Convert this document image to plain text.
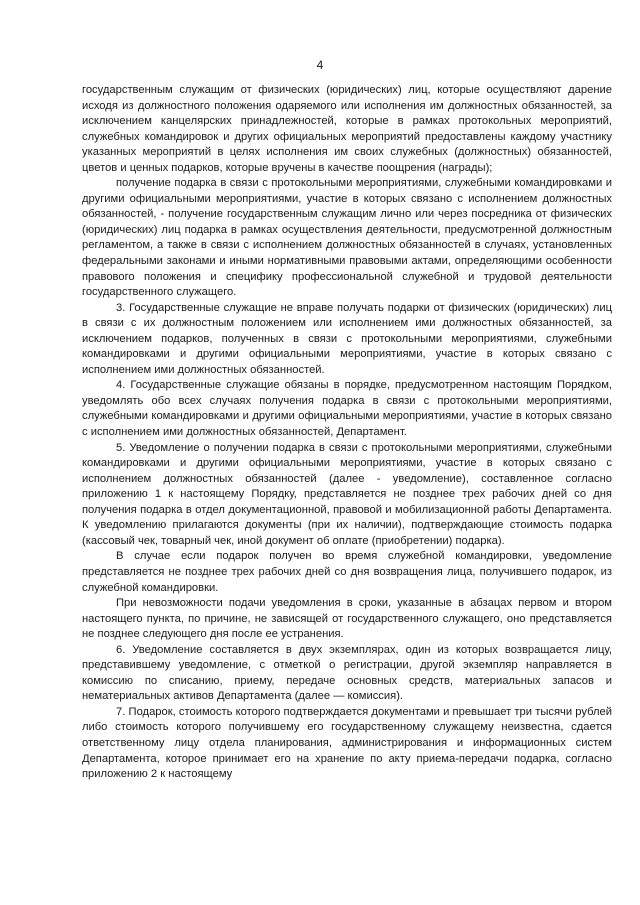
4

государственным служащим от физических (юридических) лиц, которые осуществляют дарение исходя из должностного положения одаряемого или исполнения им должностных обязанностей, за исключением канцелярских принадлежностей, которые в рамках протокольных мероприятий, служебных командировок и других официальных мероприятий предоставлены каждому участнику указанных мероприятий в целях исполнения им своих служебных (должностных) обязанностей, цветов и ценных подарков, которые вручены в качестве поощрения (награды);

получение подарка в связи с протокольными мероприятиями, служебными командировками и другими официальными мероприятиями, участие в которых связано с исполнением должностных обязанностей, - получение государственным служащим лично или через посредника от физических (юридических) лиц подарка в рамках осуществления деятельности, предусмотренной должностным регламентом, а также в связи с исполнением должностных обязанностей в случаях, установленных федеральными законами и иными нормативными правовыми актами, определяющими особенности правового положения и специфику профессиональной служебной и трудовой деятельности государственного служащего.

3. Государственные служащие не вправе получать подарки от физических (юридических) лиц в связи с их должностным положением или исполнением ими должностных обязанностей, за исключением подарков, полученных в связи с протокольными мероприятиями, служебными командировками и другими официальными мероприятиями, участие в которых связано с исполнением ими должностных обязанностей.

4. Государственные служащие обязаны в порядке, предусмотренном настоящим Порядком, уведомлять обо всех случаях получения подарка в связи с протокольными мероприятиями, служебными командировками и другими официальными мероприятиями, участие в которых связано с исполнением ими должностных обязанностей, Департамент.

5. Уведомление о получении подарка в связи с протокольными мероприятиями, служебными командировками и другими официальными мероприятиями, участие в которых связано с исполнением должностных обязанностей (далее - уведомление), составленное согласно приложению 1 к настоящему Порядку, представляется не позднее трех рабочих дней со дня получения подарка в отдел документационной, правовой и мобилизационной работы Департамента. К уведомлению прилагаются документы (при их наличии), подтверждающие стоимость подарка (кассовый чек, товарный чек, иной документ об оплате (приобретении) подарка).

В случае если подарок получен во время служебной командировки, уведомление представляется не позднее трех рабочих дней со дня возвращения лица, получившего подарок, из служебной командировки.

При невозможности подачи уведомления в сроки, указанные в абзацах первом и втором настоящего пункта, по причине, не зависящей от государственного служащего, оно представляется не позднее следующего дня после ее устранения.

6. Уведомление составляется в двух экземплярах, один из которых возвращается лицу, представившему уведомление, с отметкой о регистрации, другой экземпляр направляется в комиссию по списанию, приему, передаче основных средств, материальных запасов и нематериальных активов Департамента (далее — комиссия).

7. Подарок, стоимость которого подтверждается документами и превышает три тысячи рублей либо стоимость которого получившему его государственному служащему неизвестна, сдается ответственному лицу отдела планирования, администрирования и информационных систем Департамента, которое принимает его на хранение по акту приема-передачи подарка, согласно приложению 2 к настоящему
